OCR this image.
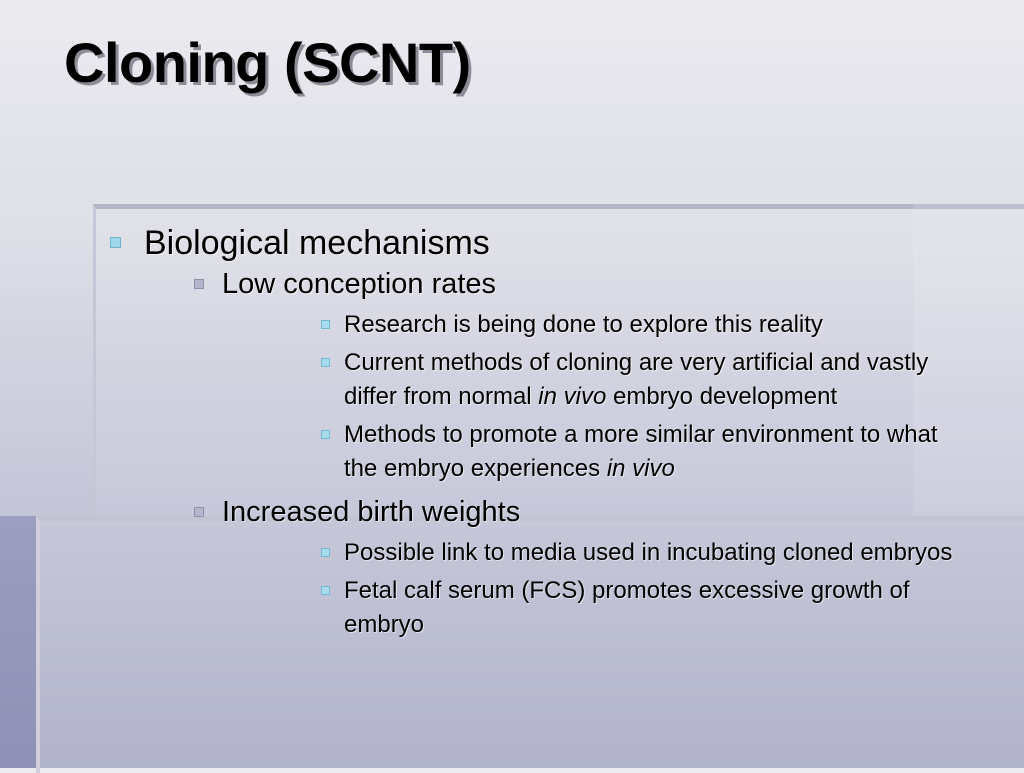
Cloning (SCNT)
Biological mechanisms
Low conception rates
Research is being done to explore this reality
Current methods of cloning are very artificial and vastly differ from normal in vivo embryo development
Methods to promote a more similar environment to what the embryo experiences in vivo
Increased birth weights
Possible link to media used in incubating cloned embryos
Fetal calf serum (FCS) promotes excessive growth of embryo
